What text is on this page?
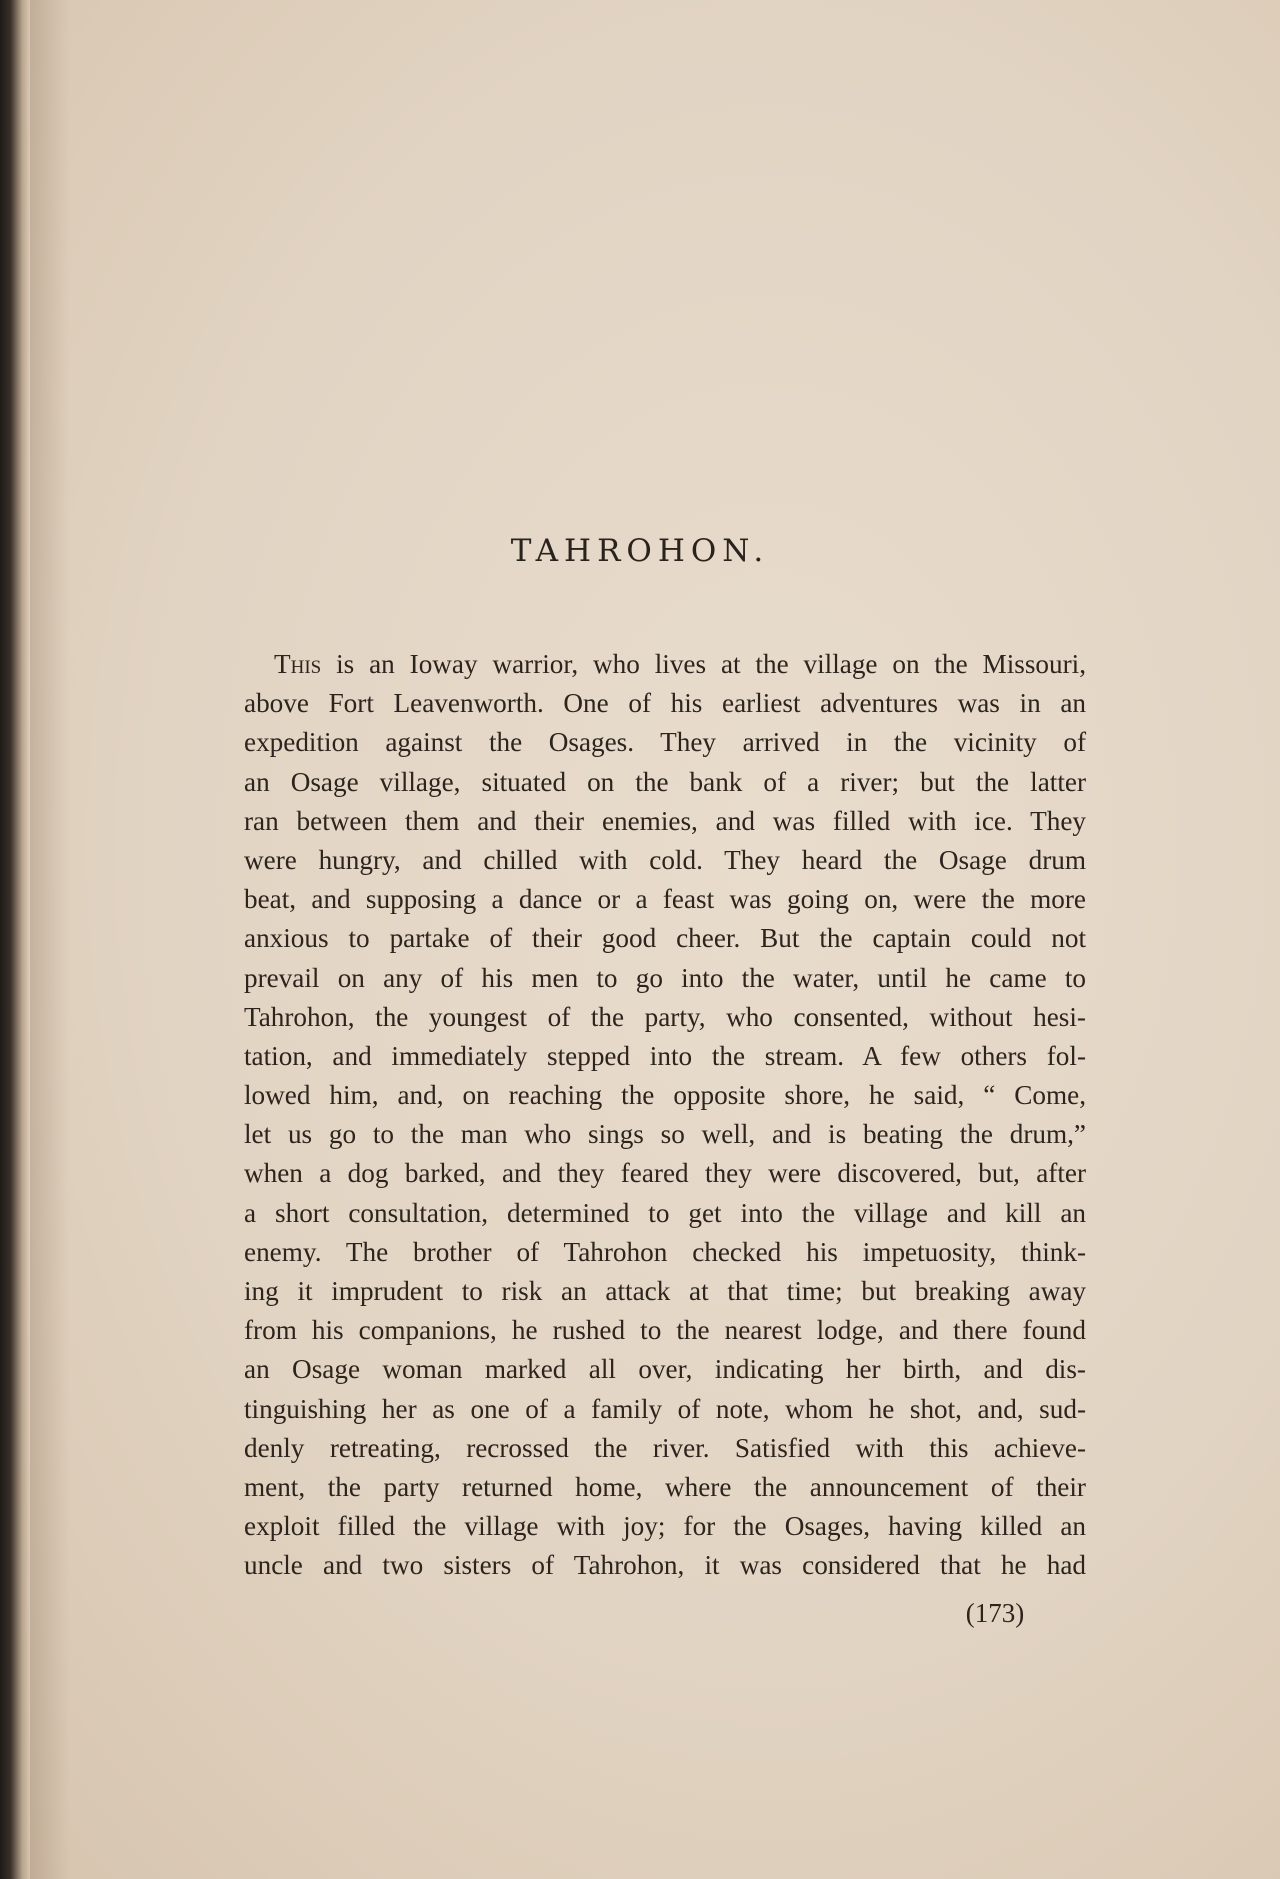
TAHROHON.
This is an Ioway warrior, who lives at the village on the Missouri,
above Fort Leavenworth. One of his earliest adventures was in an
expedition against the Osages. They arrived in the vicinity of
an Osage village, situated on the bank of a river; but the latter
ran between them and their enemies, and was filled with ice. They
were hungry, and chilled with cold. They heard the Osage drum
beat, and supposing a dance or a feast was going on, were the more
anxious to partake of their good cheer. But the captain could not
prevail on any of his men to go into the water, until he came to
Tahrohon, the youngest of the party, who consented, without hesi-
tation, and immediately stepped into the stream. A few others fol-
lowed him, and, on reaching the opposite shore, he said, “ Come,
let us go to the man who sings so well, and is beating the drum,”
when a dog barked, and they feared they were discovered, but, after
a short consultation, determined to get into the village and kill an
enemy. The brother of Tahrohon checked his impetuosity, think-
ing it imprudent to risk an attack at that time; but breaking away
from his companions, he rushed to the nearest lodge, and there found
an Osage woman marked all over, indicating her birth, and dis-
tinguishing her as one of a family of note, whom he shot, and, sud-
denly retreating, recrossed the river. Satisfied with this achieve-
ment, the party returned home, where the announcement of their
exploit filled the village with joy; for the Osages, having killed an
uncle and two sisters of Tahrohon, it was considered that he had
(173)
